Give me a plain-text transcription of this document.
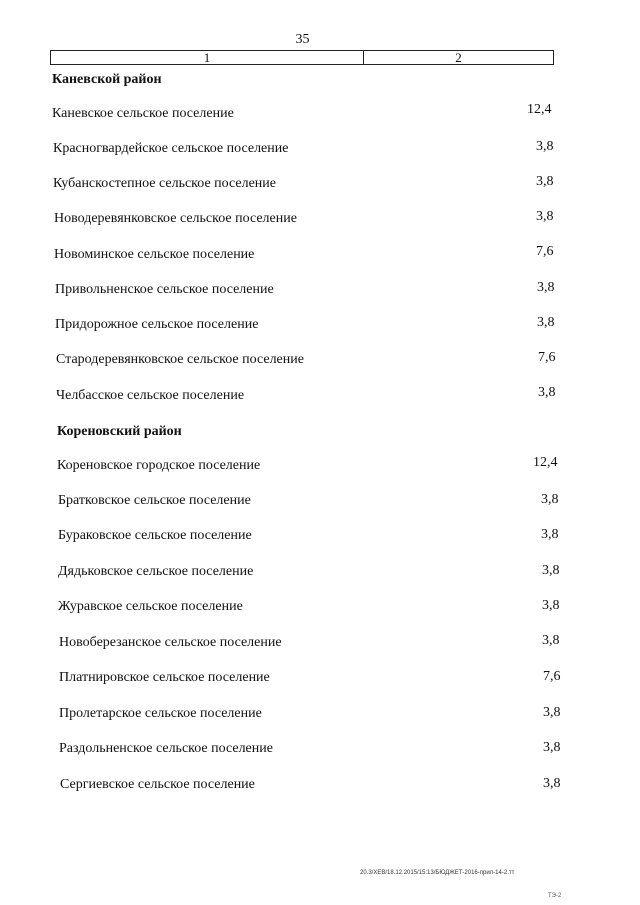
35
1	2
Каневской район
Каневское сельское поселение	12,4
Красногвардейское сельское поселение	3,8
Кубанскостепное сельское поселение	3,8
Новодеревянковское сельское поселение	3,8
Новоминское сельское поселение	7,6
Привольненское сельское поселение	3,8
Придорожное сельское поселение	3,8
Стародеревянковское сельское поселение	7,6
Челбасское сельское поселение	3,8
Кореновский район
Кореновское городское поселение	12,4
Братковское сельское поселение	3,8
Бураковское сельское поселение	3,8
Дядьковское сельское поселение	3,8
Журавское сельское поселение	3,8
Новоберезанское сельское поселение	3,8
Платнировское сельское поселение	7,6
Пролетарское сельское поселение	3,8
Раздольненское сельское поселение	3,8
Сергиевское сельское поселение	3,8
20.3/ХЕВ/18.12.2015/15:13/БЮДЖЕТ-2016-прил-14-2.тт
ТЭ-2
